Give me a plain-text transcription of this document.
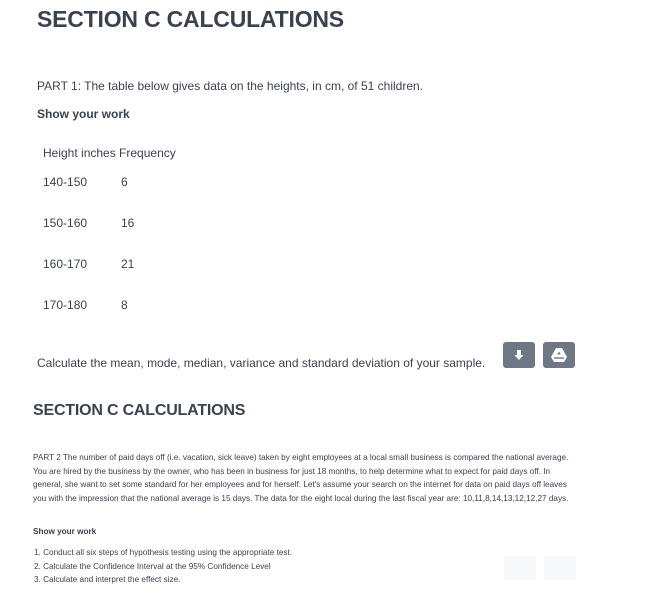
SECTION C CALCULATIONS
PART 1: The table below gives data on the heights, in cm, of 51 children.
Show your work
Height inches Frequency
140-150	6
150-160	16
160-170	21
170-180	8
Calculate the mean, mode, median, variance and standard deviation of your sample.
SECTION C CALCULATIONS

PART 2 The number of paid days off (i.e. vacation, sick leave) taken by eight employees at a local small business is compared the national average. You are hired by the business by the owner, who has been in business for just 18 months, to help determine what to expect for paid days off. In general, she want to set some standard for her employees and for herself. Let's assume your search on the internet for data on paid days off leaves you with the impression that the national average is 15 days. The data for the eight local during the last fiscal year are: 10,11,8,14,13,12,12,27 days.

Show your work
1. Conduct all six steps of hypothesis testing using the appropriate test.
2. Calculate the Confidence Interval at the 95% Confidence Level
3. Calculate and interpret the effect size.
